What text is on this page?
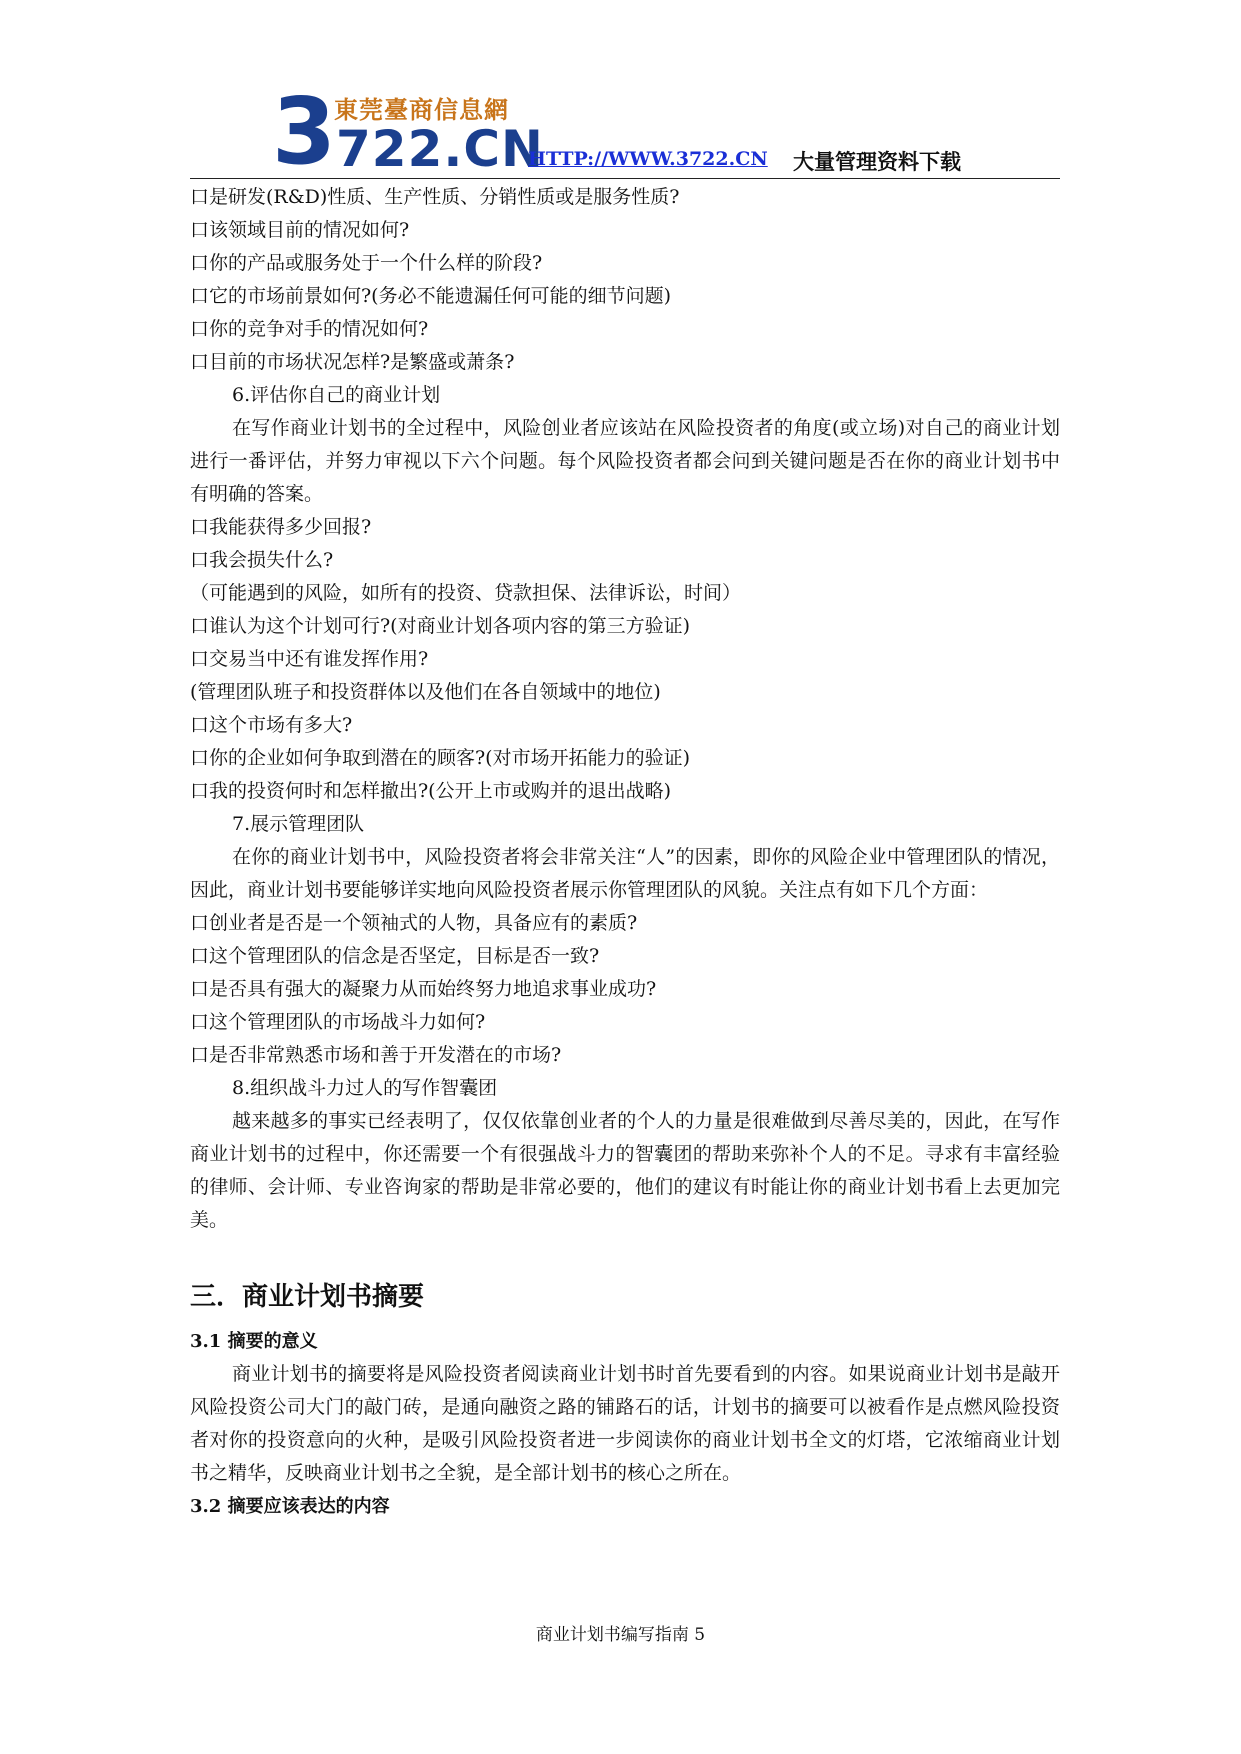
3 東莞臺商信息網
722.CN
HTTP://WWW.3722.CN 大量管理资料下载
口是研发(R&D)性质、生产性质、分销性质或是服务性质?
口该领域目前的情况如何?
口你的产品或服务处于一个什么样的阶段?
口它的市场前景如何?(务必不能遗漏任何可能的细节问题)
口你的竞争对手的情况如何?
口目前的市场状况怎样?是繁盛或萧条?
6.评估你自己的商业计划
在写作商业计划书的全过程中，风险创业者应该站在风险投资者的角度(或立场)对自己的商业计划进行一番评估，并努力审视以下六个问题。每个风险投资者都会问到关键问题是否在你的商业计划书中有明确的答案。
口我能获得多少回报?
口我会损失什么?
（可能遇到的风险，如所有的投资、贷款担保、法律诉讼，时间）
口谁认为这个计划可行?(对商业计划各项内容的第三方验证)
口交易当中还有谁发挥作用?
(管理团队班子和投资群体以及他们在各自领域中的地位)
口这个市场有多大?
口你的企业如何争取到潜在的顾客?(对市场开拓能力的验证)
口我的投资何时和怎样撤出?(公开上市或购并的退出战略)
7.展示管理团队
在你的商业计划书中，风险投资者将会非常关注“人”的因素，即你的风险企业中管理团队的情况，因此，商业计划书要能够详实地向风险投资者展示你管理团队的风貌。关注点有如下几个方面：
口创业者是否是一个领袖式的人物，具备应有的素质?
口这个管理团队的信念是否坚定，目标是否一致?
口是否具有强大的凝聚力从而始终努力地追求事业成功?
口这个管理团队的市场战斗力如何?
口是否非常熟悉市场和善于开发潜在的市场?
8.组织战斗力过人的写作智囊团
越来越多的事实已经表明了，仅仅依靠创业者的个人的力量是很难做到尽善尽美的，因此，在写作商业计划书的过程中，你还需要一个有很强战斗力的智囊团的帮助来弥补个人的不足。寻求有丰富经验的律师、会计师、专业咨询家的帮助是非常必要的，他们的建议有时能让你的商业计划书看上去更加完美。
三．商业计划书摘要
3.1 摘要的意义
商业计划书的摘要将是风险投资者阅读商业计划书时首先要看到的内容。如果说商业计划书是敲开风险投资公司大门的敲门砖，是通向融资之路的铺路石的话，计划书的摘要可以被看作是点燃风险投资者对你的投资意向的火种，是吸引风险投资者进一步阅读你的商业计划书全文的灯塔，它浓缩商业计划书之精华，反映商业计划书之全貌，是全部计划书的核心之所在。
3.2 摘要应该表达的内容
商业计划书编写指南 5
